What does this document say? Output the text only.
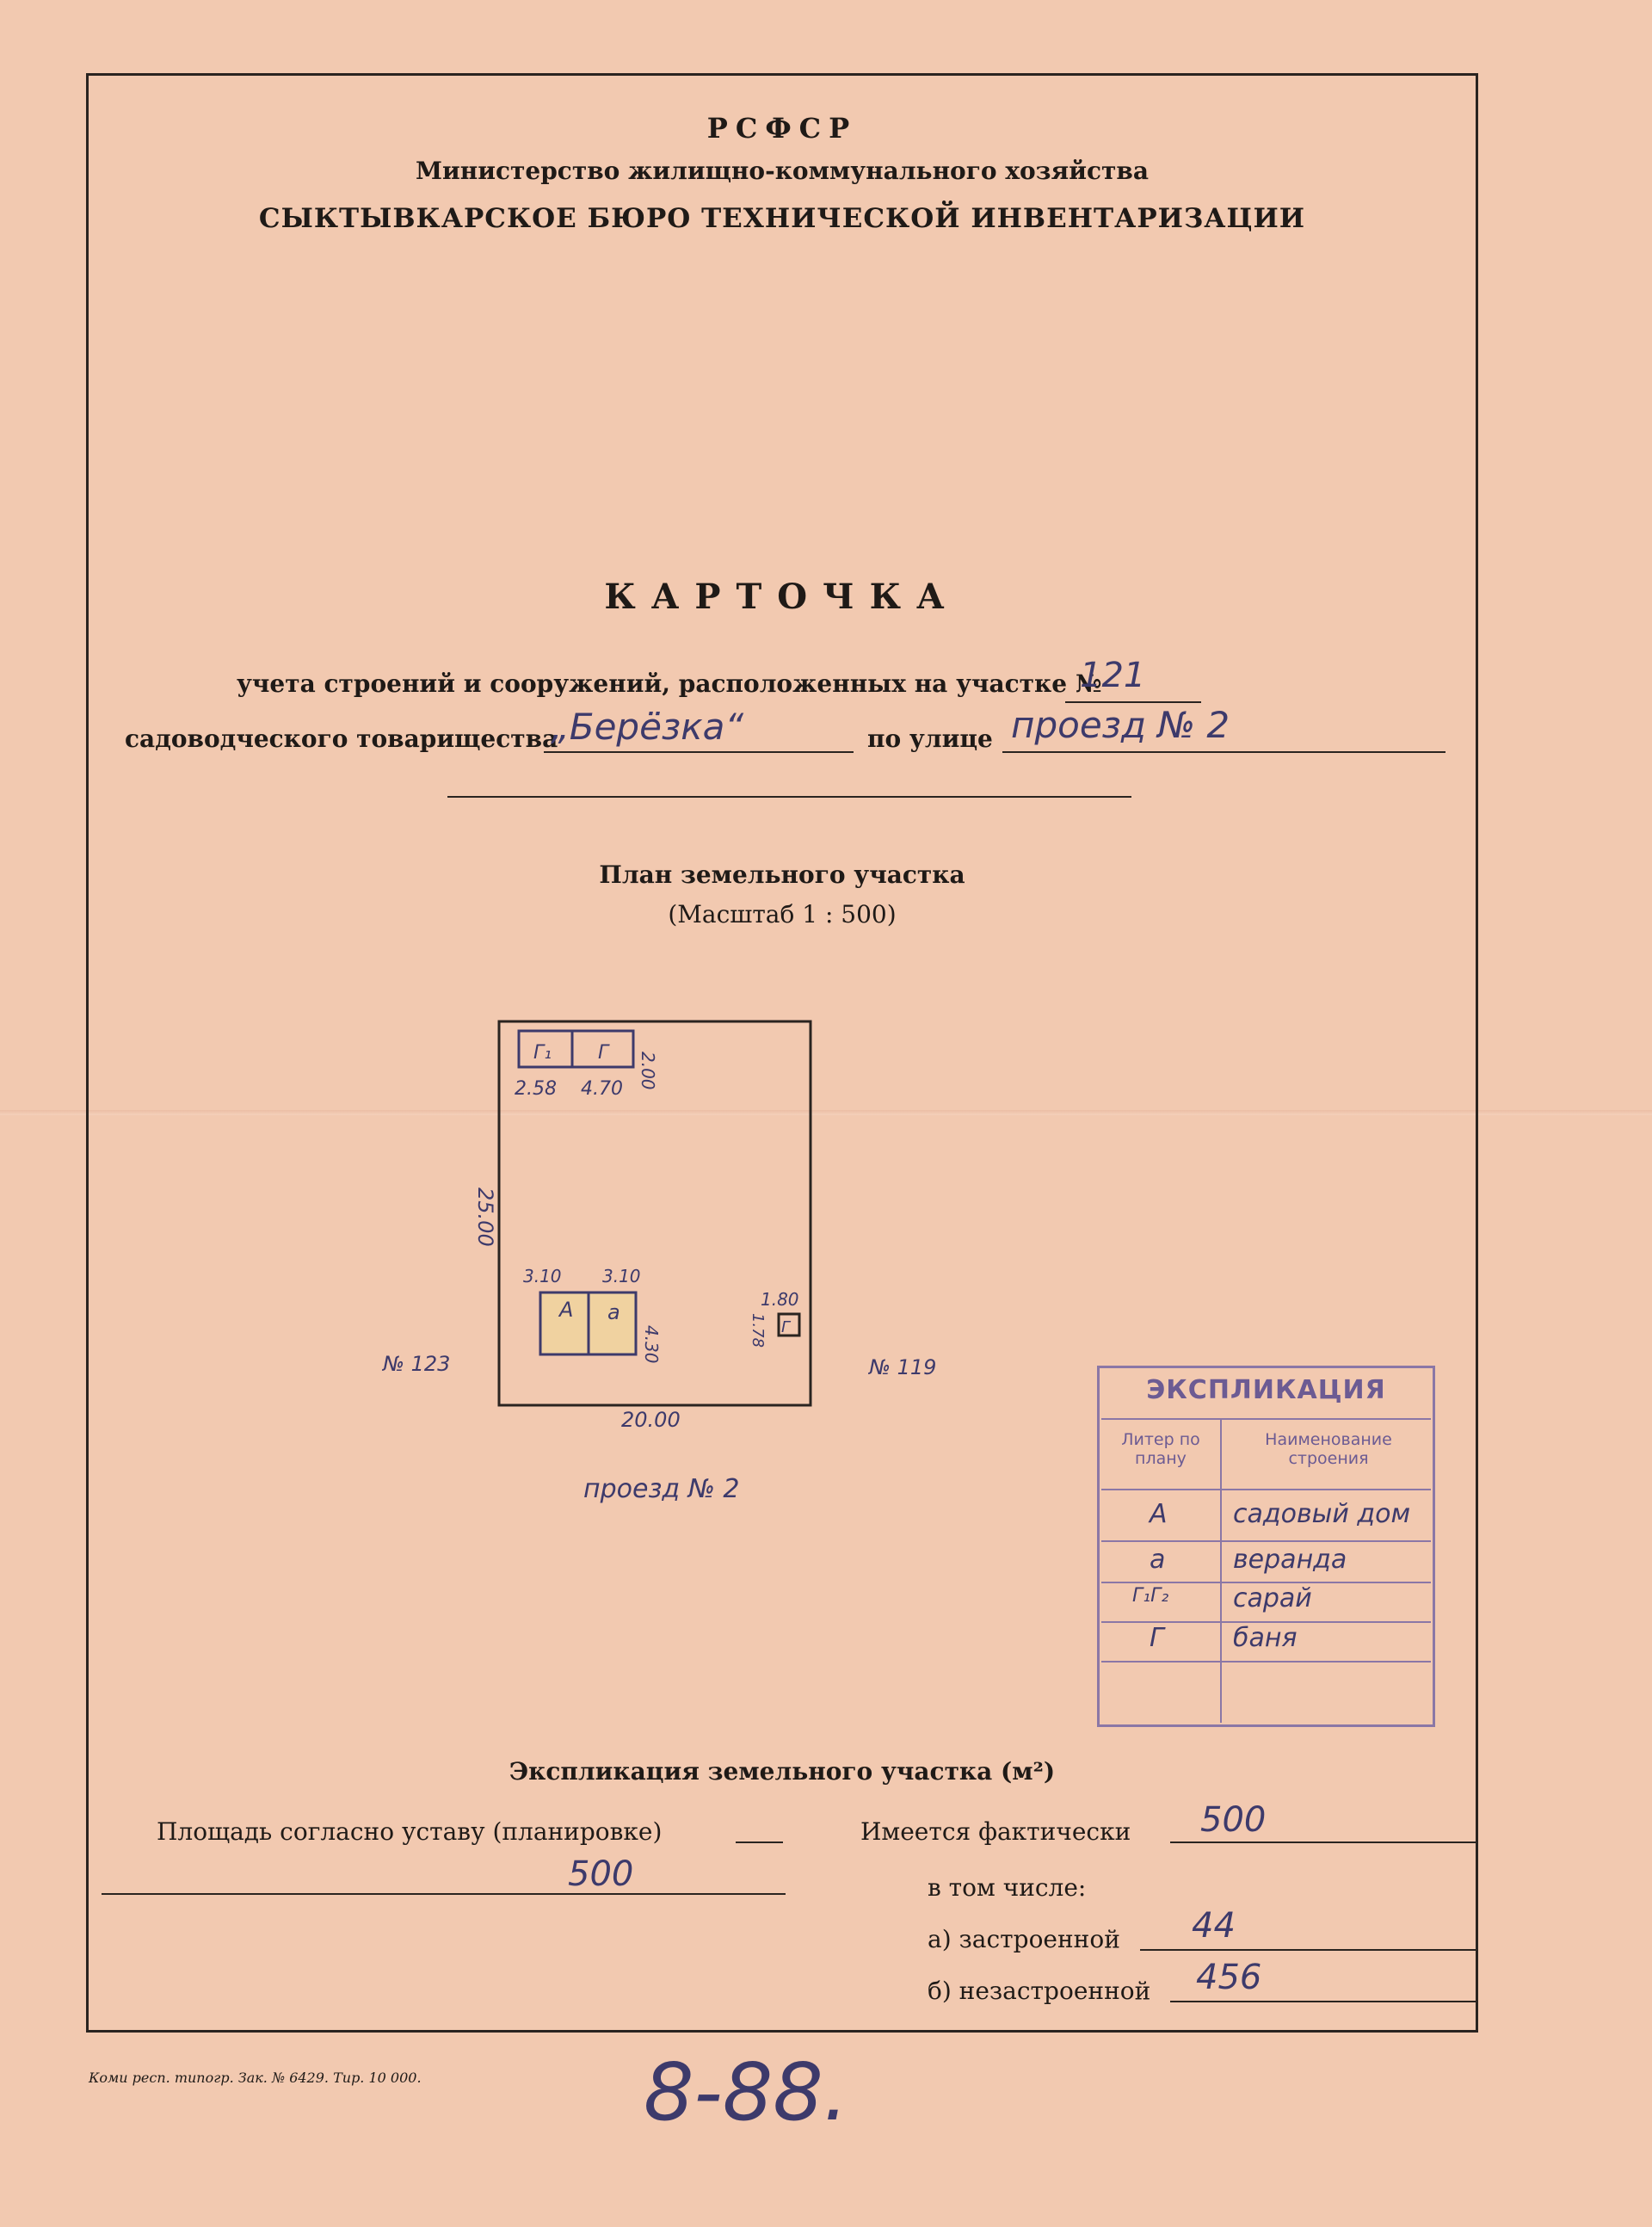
РСФСР
Министерство жилищно-коммунального хозяйства
СЫКТЫВКАРСКОЕ БЮРО ТЕХНИЧЕСКОЙ ИНВЕНТАРИЗАЦИИ
КАРТОЧКА
учета строений и сооружений, расположенных на участке №
121
садоводческого товарищества
„Берёзка“	по улице проезд № 2
План земельного участка
(Масштаб 1 : 500)
Г₁ Г 2.00
2.58 4.70
25.00
3.10 3.10
А а
4.30	Г
1.80
1.78
№ 123	№ 119
20.00
проезд № 2
ЭКСПЛИКАЦИЯ
Литер по плану
Наименование строения
А	садовый дом
а	веранда
Г₁Г₂ сарай
Г	баня
Экспликация земельного участка (м²)
Площадь согласно уставу (планировке)
500
Имеется фактически 500
в том числе:
а) застроенной 44
б) незастроенной 456
Коми респ. типогр. Зак. № 6429. Тир. 10 000.	8-88.
